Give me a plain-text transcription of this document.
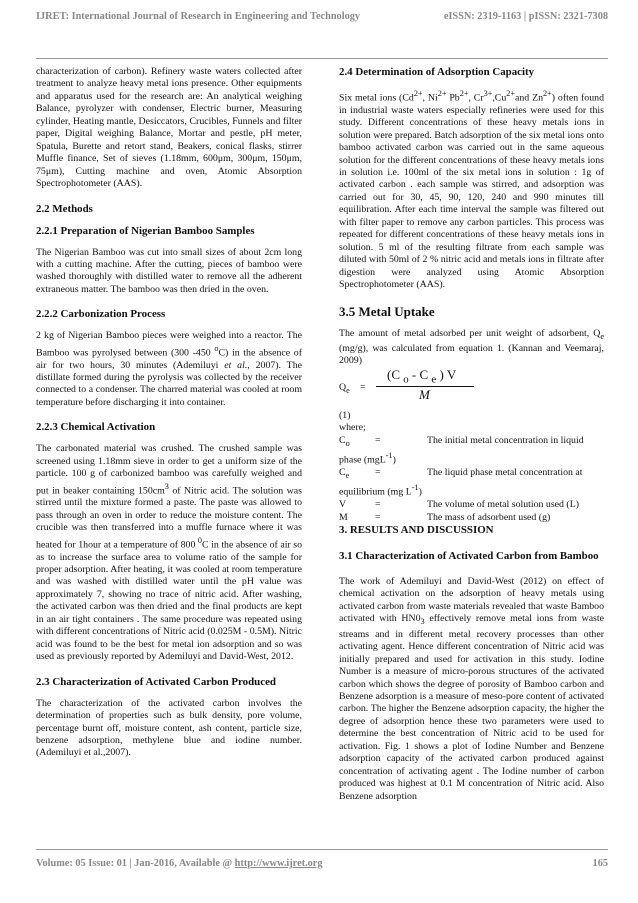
IJRET: International Journal of Research in Engineering and Technology	eISSN: 2319-1163 | pISSN: 2321-7308

characterization of carbon). Refinery waste waters collected after treatment to analyze heavy metal ions presence. Other equipments and apparatus used for the research are: An analytical weighing Balance, pyrolyzer with condenser, Electric burner, Measuring cylinder, Heating mantle, Desiccators, Crucibles, Funnels and filter paper, Digital weighing Balance, Mortar and pestle, pH meter, Spatula, Burette and retort stand, Beakers, conical flasks, stirrer Muffle finance, Set of sieves (1.18mm, 600μm, 300μm, 150μm, 75μm), Cutting machine and oven, Atomic Absorption Spectrophotometer (AAS).

2.2 Methods

2.2.1 Preparation of Nigerian Bamboo Samples

The Nigerian Bamboo was cut into small sizes of about 2cm long with a cutting machine. After the cutting, pieces of bamboo were washed thoroughly with distilled water to remove all the adherent extraneous matter. The bamboo was then dried in the oven.

2.2.2 Carbonization Process

2 kg of Nigerian Bamboo pieces were weighed into a reactor. The Bamboo was pyrolysed between (300 -450 $^o$C) in the absence of air for two hours, 30 minutes (Ademiluyi et al., 2007). The distillate formed during the pyrolysis was collected by the receiver connected to a condenser. The charred material was cooled at room temperature before discharging it into container.

2.2.3 Chemical Activation

The carbonated material was crushed. The crushed sample was screened using 1.18mm sieve in order to get a uniform size of the particle. 100 g of carbonized bamboo was carefully weighed and put in beaker containing $150cm^3$ of Nitric acid. The solution was stirred until the mixture formed a paste. The paste was allowed to pass through an oven in order to reduce the moisture content. The crucible was then transferred into a muffle furnace where it was heated for 1hour at a temperature of 800 $^0$C in the absence of air so as to increase the surface area to volume ratio of the sample for proper adsorption. After heating, it was cooled at room temperature and was washed with distilled water until the pH value was approximately 7, showing no trace of nitric acid. After washing, the activated carbon was then dried and the final products are kept in an air tight containers . The same procedure was repeated using with different concentrations of Nitric acid (0.025M - 0.5M). Nitric acid was found to be the best for metal ion adsorption and so was used as previously reported by Ademiluyi and David-West, 2012.

2.3 Characterization of Activated Carbon Produced

The characterization of the activated carbon involves the determination of properties such as bulk density, pore volume, percentage burnt off, moisture content, ash content, particle size, benzene adsorption, methylene blue and iodine number. (Ademiluyi et al.,2007).

2.4 Determination of Adsorption Capacity

Six metal ions ($Cd^{2+}$, $Ni^{2+}$ $Pb^{2+}$, $Cr^{3+},Cu^{2+}and$ $Zn^{2+}$) often found in industrial waste waters especially refineries were used for this study. Different concentrations of these heavy metals ions in solution were prepared. Batch adsorption of the six metal ions onto bamboo activated carbon was carried out in the same aqueous solution for the different concentrations of these heavy metals ions in solution i.e. 100ml of the six metal ions in solution : 1g of activated carbon . each sample was stirred, and adsorption was carried out for 30, 45, 90, 120, 240 and 990 minutes till equilibration. After each time interval the sample was filtered out with filter paper to remove any carbon particles. This process was repeated for different concentrations of these heavy metals ions in solution. 5 ml of the resulting filtrate from each sample was diluted with 50ml of 2 % nitric acid and metals ions in filtrate after digestion were analyzed using Atomic Absorption Spectrophotometer (AAS).

3.5 Metal Uptake

The amount of metal adsorbed per unit weight of adsorbent, $Q_e$ (mg/g), was calculated from equation 1. (Kannan and Veemaraj, 2009)

$Q_e$ =
(C $_o$ - C $_e$ ) V
M

(1)

where;

$C_o$	=	The initial metal concentration in liquid

phase (mgL$^{-1}$)

$C_e$	=	The liquid phase metal concentration at

equilibrium (mg $L^{-1}$)

V	=	The volume of metal solution used (L)
M	=	The mass of adsorbent used (g)

3. RESULTS AND DISCUSSION

3.1 Characterization of Activated Carbon from Bamboo

The work of Ademiluyi and David-West (2012) on effect of chemical activation on the adsorption of heavy metals using activated carbon from waste materials revealed that waste Bamboo activated with $HN0_3$ effectively remove metal ions from waste streams and in different metal recovery processes than other activating agent. Hence different concentration of Nitric acid was initially prepared and used for activation in this study. Iodine Number is a measure of micro-porous structures of the activated carbon which shows the degree of porosity of Bamboo carbon and Benzene adsorption is a measure of meso-pore content of activated carbon. The higher the Benzene adsorption capacity, the higher the degree of adsorption hence these two parameters were used to determine the best concentration of Nitric acid to be used for activation. Fig. 1 shows a plot of Iodine Number and Benzene adsorption capacity of the activated carbon produced against concentration of activating agent . The Iodine number of carbon produced was highest at 0.1 M concentration of Nitric acid. Also Benzene adsorption

Volume: 05 Issue: 01 | Jan-2016, Available @ http://www.ijret.org	165
